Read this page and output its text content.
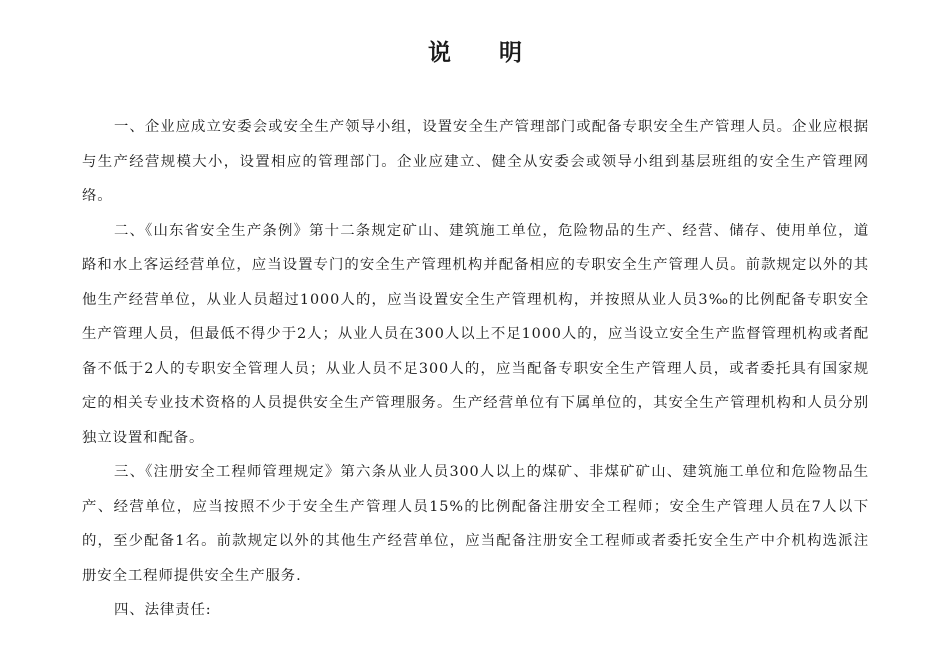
说 明

一、企业应成立安委会或安全生产领导小组，设置安全生产管理部门或配备专职安全生产管理人员。企业应根据与生产经营规模大小，设置相应的管理部门。企业应建立、健全从安委会或领导小组到基层班组的安全生产管理网络。

二、《山东省安全生产条例》第十二条规定矿山、建筑施工单位，危险物品的生产、经营、储存、使用单位，道路和水上客运经营单位，应当设置专门的安全生产管理机构并配备相应的专职安全生产管理人员。前款规定以外的其他生产经营单位，从业人员超过1000人的，应当设置安全生产管理机构，并按照从业人员3‰的比例配备专职安全生产管理人员，但最低不得少于2人；从业人员在300人以上不足1000人的，应当设立安全生产监督管理机构或者配备不低于2人的专职安全管理人员；从业人员不足300人的，应当配备专职安全生产管理人员，或者委托具有国家规定的相关专业技术资格的人员提供安全生产管理服务。生产经营单位有下属单位的，其安全生产管理机构和人员分别独立设置和配备。

三、《注册安全工程师管理规定》第六条从业人员300人以上的煤矿、非煤矿矿山、建筑施工单位和危险物品生产、经营单位，应当按照不少于安全生产管理人员15%的比例配备注册安全工程师；安全生产管理人员在7人以下的，至少配备1名。前款规定以外的其他生产经营单位，应当配备注册安全工程师或者委托安全生产中介机构选派注册安全工程师提供安全生产服务.

四、法律责任:
